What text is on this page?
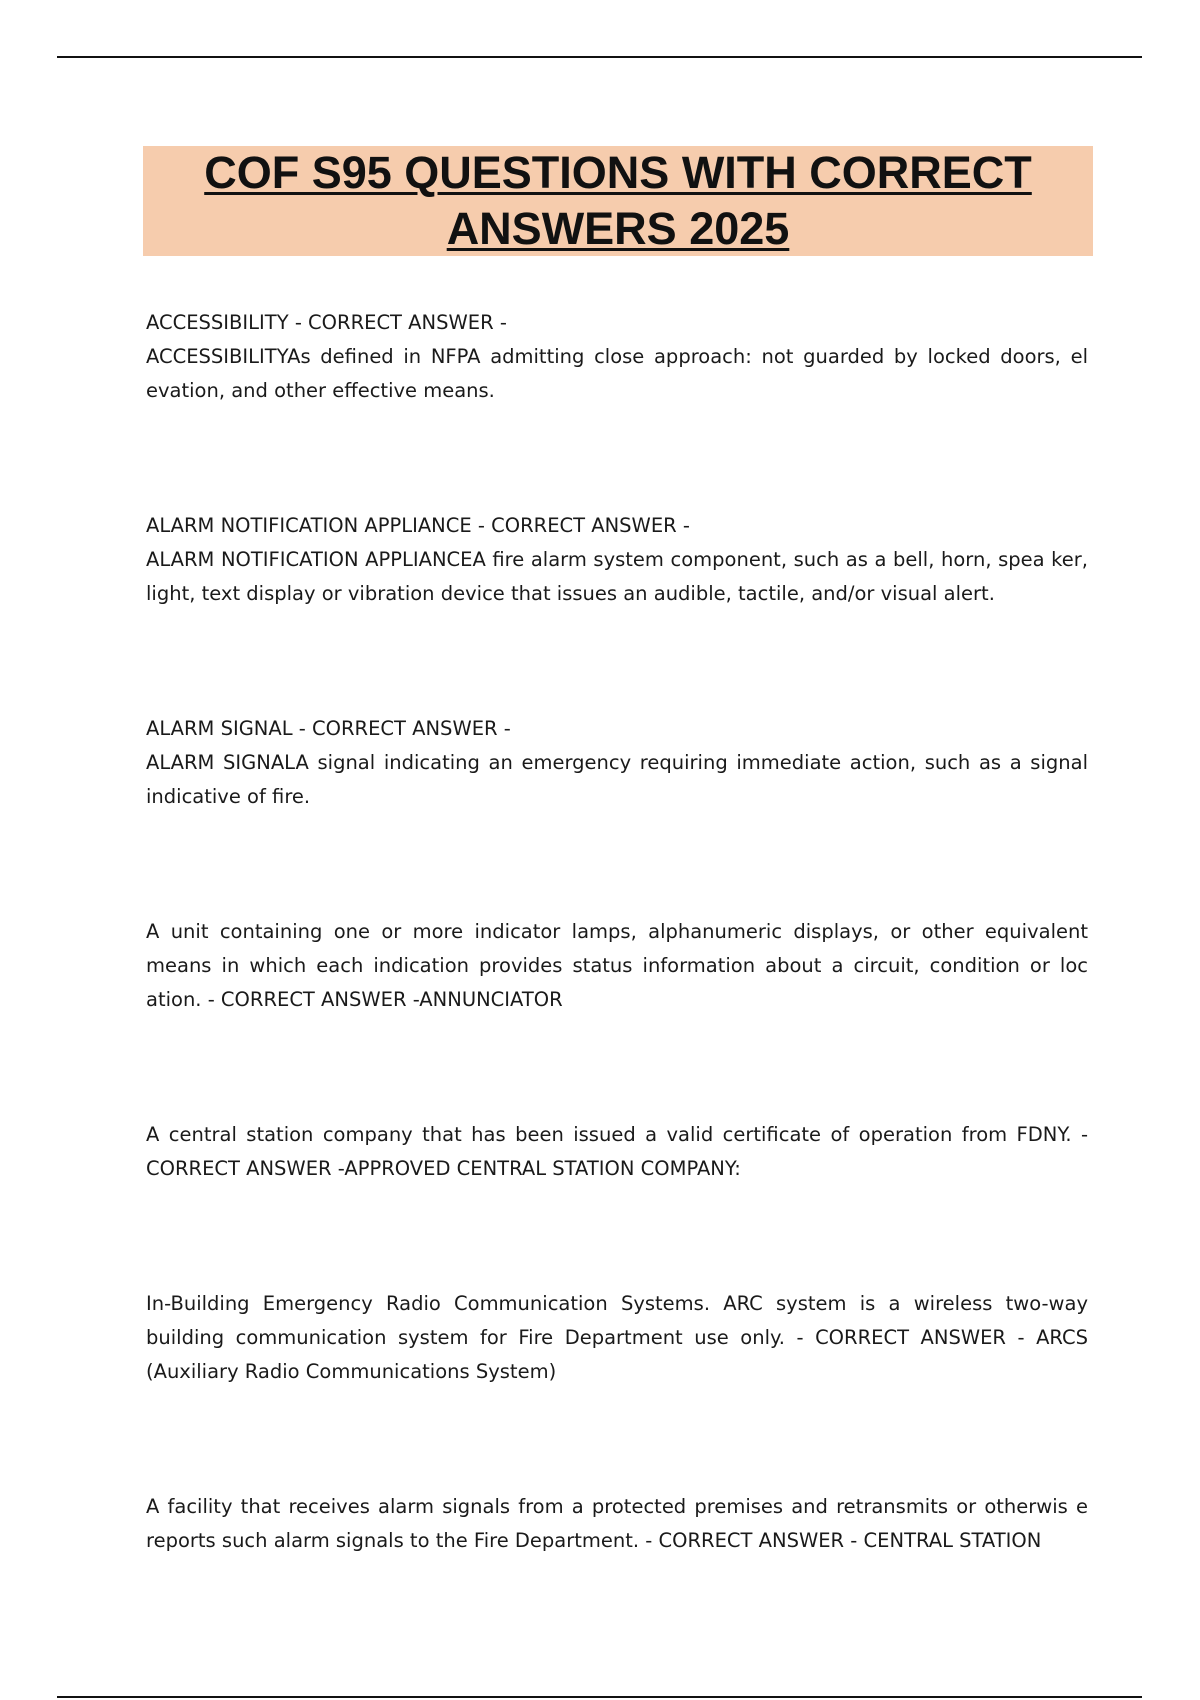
COF S95 QUESTIONS WITH CORRECT ANSWERS 2025

ACCESSIBILITY - CORRECT ANSWER -
ACCESSIBILITYAs defined in NFPA admitting close approach: not guarded by locked doors, el evation, and other effective means.

ALARM NOTIFICATION APPLIANCE - CORRECT ANSWER -
ALARM NOTIFICATION APPLIANCEA fire alarm system component, such as a bell, horn, spea ker, light, text display or vibration device that issues an audible, tactile, and/or visual alert.

ALARM SIGNAL - CORRECT ANSWER -
ALARM SIGNALA signal indicating an emergency requiring immediate action, such as a signal indicative of fire.

A unit containing one or more indicator lamps, alphanumeric displays, or other equivalent means in which each indication provides status information about a circuit, condition or loc ation. - CORRECT ANSWER -ANNUNCIATOR

A central station company that has been issued a valid certificate of operation from FDNY. - CORRECT ANSWER -APPROVED CENTRAL STATION COMPANY:

In-Building Emergency Radio Communication Systems. ARC system is a wireless two-way building communication system for Fire Department use only. - CORRECT ANSWER - ARCS (Auxiliary Radio Communications System)

A facility that receives alarm signals from a protected premises and retransmits or otherwis e reports such alarm signals to the Fire Department. - CORRECT ANSWER - CENTRAL STATION
